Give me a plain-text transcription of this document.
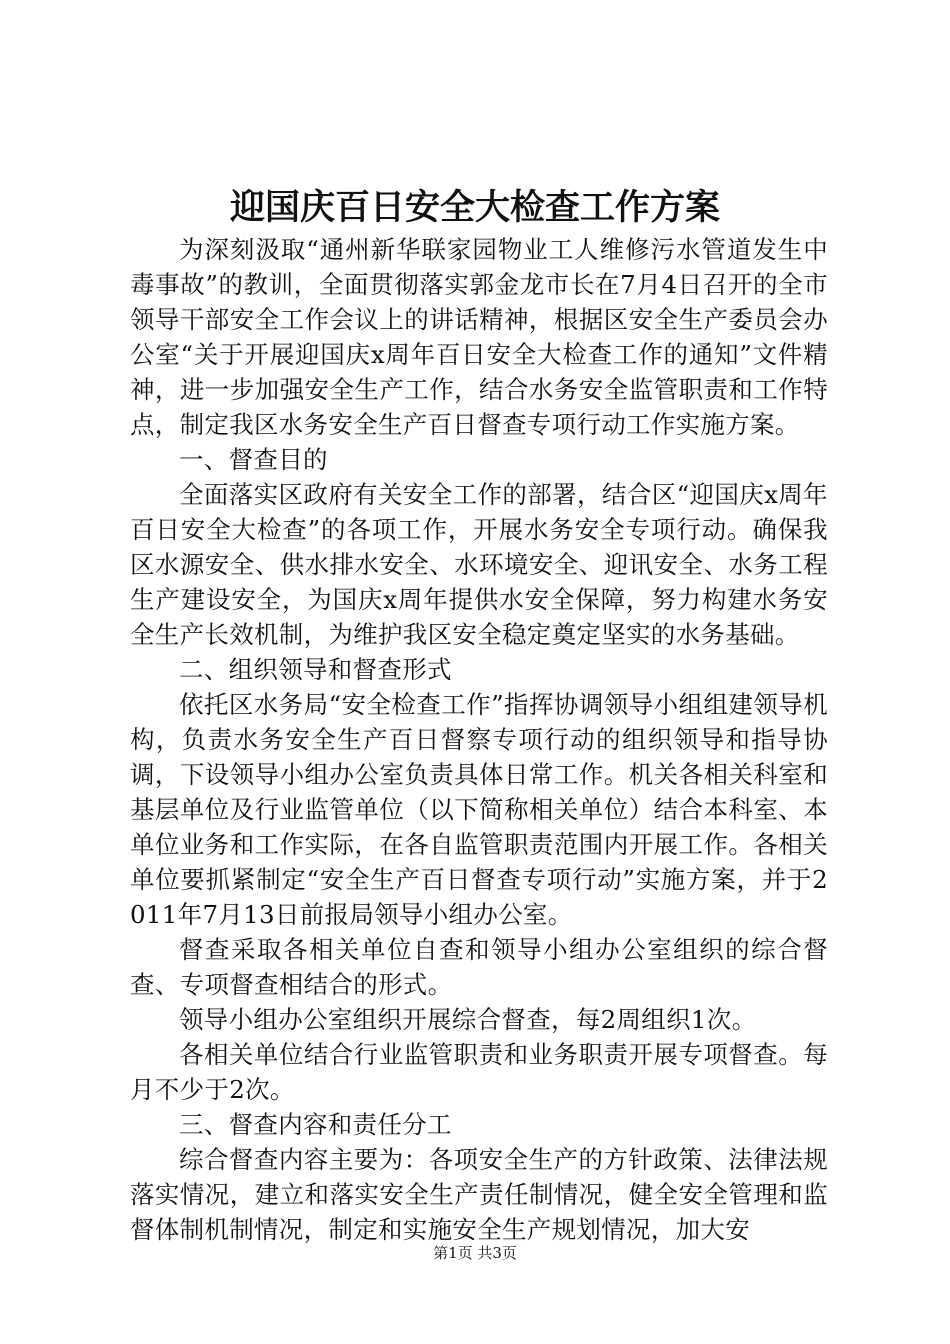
迎国庆百日安全大检查工作方案

为深刻汲取“通州新华联家园物业工人维修污水管道发生中毒事故”的教训，全面贯彻落实郭金龙市长在7月4日召开的全市领导干部安全工作会议上的讲话精神，根据区安全生产委员会办公室“关于开展迎国庆x周年百日安全大检查工作的通知”文件精神，进一步加强安全生产工作，结合水务安全监管职责和工作特点，制定我区水务安全生产百日督查专项行动工作实施方案。

一、督查目的

全面落实区政府有关安全工作的部署，结合区“迎国庆x周年百日安全大检查”的各项工作，开展水务安全专项行动。确保我区水源安全、供水排水安全、水环境安全、迎讯安全、水务工程生产建设安全，为国庆x周年提供水安全保障，努力构建水务安全生产长效机制，为维护我区安全稳定奠定坚实的水务基础。

二、组织领导和督查形式

依托区水务局“安全检查工作”指挥协调领导小组组建领导机构，负责水务安全生产百日督察专项行动的组织领导和指导协调，下设领导小组办公室负责具体日常工作。机关各相关科室和基层单位及行业监管单位（以下简称相关单位）结合本科室、本单位业务和工作实际，在各自监管职责范围内开展工作。各相关单位要抓紧制定“安全生产百日督查专项行动”实施方案，并于2011年7月13日前报局领导小组办公室。

督查采取各相关单位自查和领导小组办公室组织的综合督查、专项督查相结合的形式。

领导小组办公室组织开展综合督查，每2周组织1次。

各相关单位结合行业监管职责和业务职责开展专项督查。每月不少于2次。

三、督查内容和责任分工

综合督查内容主要为：各项安全生产的方针政策、法律法规落实情况，建立和落实安全生产责任制情况，健全安全管理和监督体制机制情况，制定和实施安全生产规划情况，加大安

第1页 共3页
